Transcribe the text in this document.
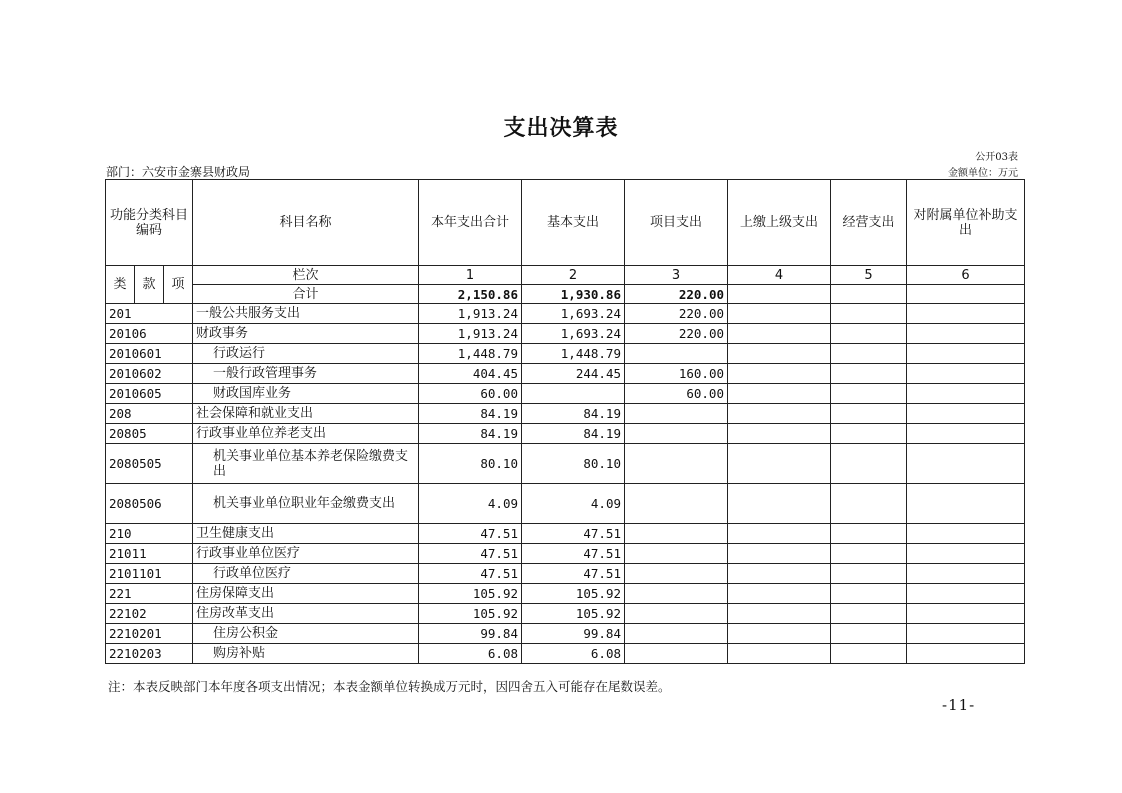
支出决算表
公开03表
部门：六安市金寨县财政局	金额单位：万元
功能分类科目编码			科目名称	本年支出合计	基本支出	项目支出	上缴上级支出	经营支出	对附属单位补助支出
类	款	项	栏次	1	2	3	4	5	6
			合计	2,150.86	1,930.86	220.00			
201			一般公共服务支出	1,913.24	1,693.24	220.00			
20106			财政事务	1,913.24	1,693.24	220.00			
2010601			行政运行	1,448.79	1,448.79				
2010602			一般行政管理事务	404.45	244.45	160.00			
2010605			财政国库业务	60.00		60.00			
208			社会保障和就业支出	84.19	84.19				
20805			行政事业单位养老支出	84.19	84.19				
2080505			机关事业单位基本养老保险缴费支出	80.10	80.10				
2080506			机关事业单位职业年金缴费支出	4.09	4.09				
210			卫生健康支出	47.51	47.51				
21011			行政事业单位医疗	47.51	47.51				
2101101			行政单位医疗	47.51	47.51				
221			住房保障支出	105.92	105.92				
22102			住房改革支出	105.92	105.92				
2210201			住房公积金	99.84	99.84				
2210203			购房补贴	6.08	6.08				
注：本表反映部门本年度各项支出情况；本表金额单位转换成万元时，因四舍五入可能存在尾数误差。
-11-
